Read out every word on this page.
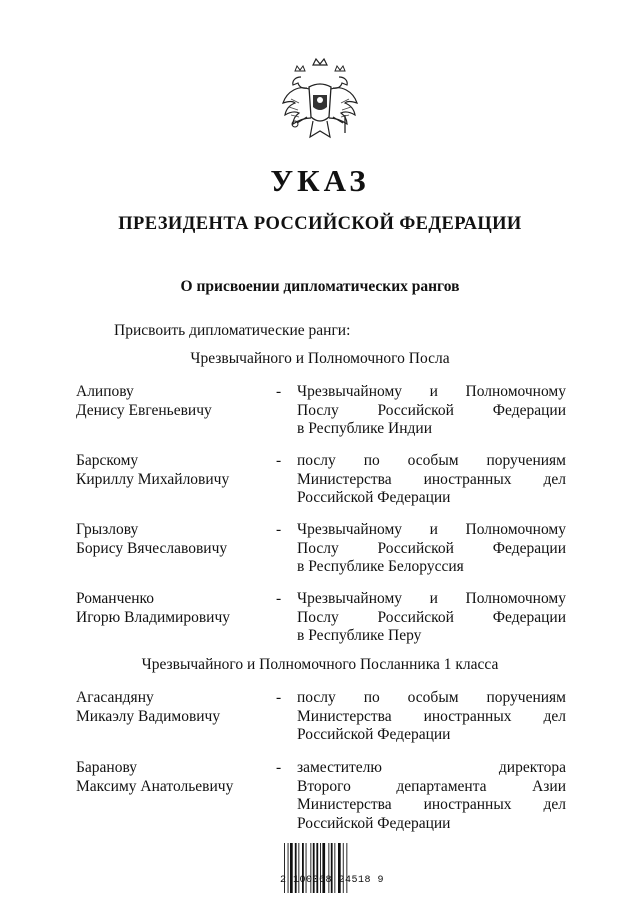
УКАЗ
ПРЕЗИДЕНТА РОССИЙСКОЙ ФЕДЕРАЦИИ
О присвоении дипломатических рангов
Присвоить дипломатические ранги:
Чрезвычайного и Полномочного Посла
Алипову
Денису Евгеньевичу
- Чрезвычайному и Полномочному
Послу Российской Федерации
в Республике Индии
Барскому
Кириллу Михайловичу
- послу по особым поручениям
Министерства иностранных дел
Российской Федерации
Грызлову
Борису Вячеславовичу
- Чрезвычайному и Полномочному
Послу Российской Федерации
в Республике Белоруссия
Романченко
Игорю Владимировичу
- Чрезвычайному и Полномочному
Послу Российской Федерации
в Республике Перу
Чрезвычайного и Полномочного Посланника 1 класса
Агасандяну
Микаэлу Вадимовичу
- послу по особым поручениям
Министерства иностранных дел
Российской Федерации
Баранову
Максиму Анатольевичу
- заместителю директора
Второго департамента Азии
Министерства иностранных дел
Российской Федерации
2 100068 24518 9
